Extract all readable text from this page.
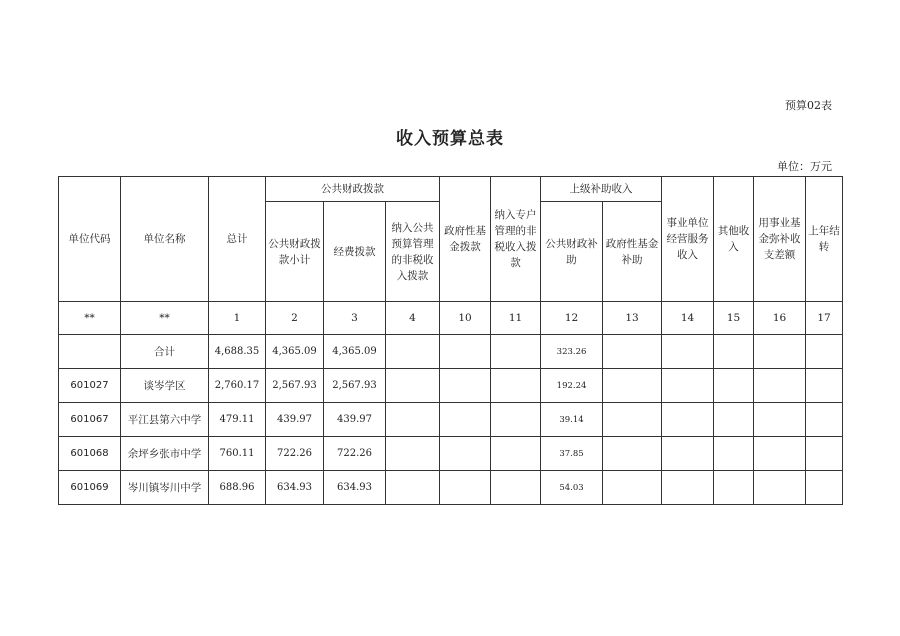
预算02表
收入预算总表
单位：万元
单位代码	单位名称	总计	公共财政拨款			政府性基金拨款	纳入专户管理的非税收入拨款	上级补助收入		事业单位经营服务收入	其他收入	用事业基金弥补收支差额	上年结转
			公共财政拨款小计	经费拨款	纳入公共预算管理的非税收入拨款			公共财政补助	政府性基金补助				
**	**	1	2	3	4	10	11	12	13	14	15	16	17
	合计	4,688.35	4,365.09	4,365.09				323.26					
601027	谈岑学区	2,760.17	2,567.93	2,567.93				192.24					
601067	平江县第六中学	479.11	439.97	439.97				39.14					
601068	余坪乡张市中学	760.11	722.26	722.26				37.85					
601069	岑川镇岑川中学	688.96	634.93	634.93				54.03					
